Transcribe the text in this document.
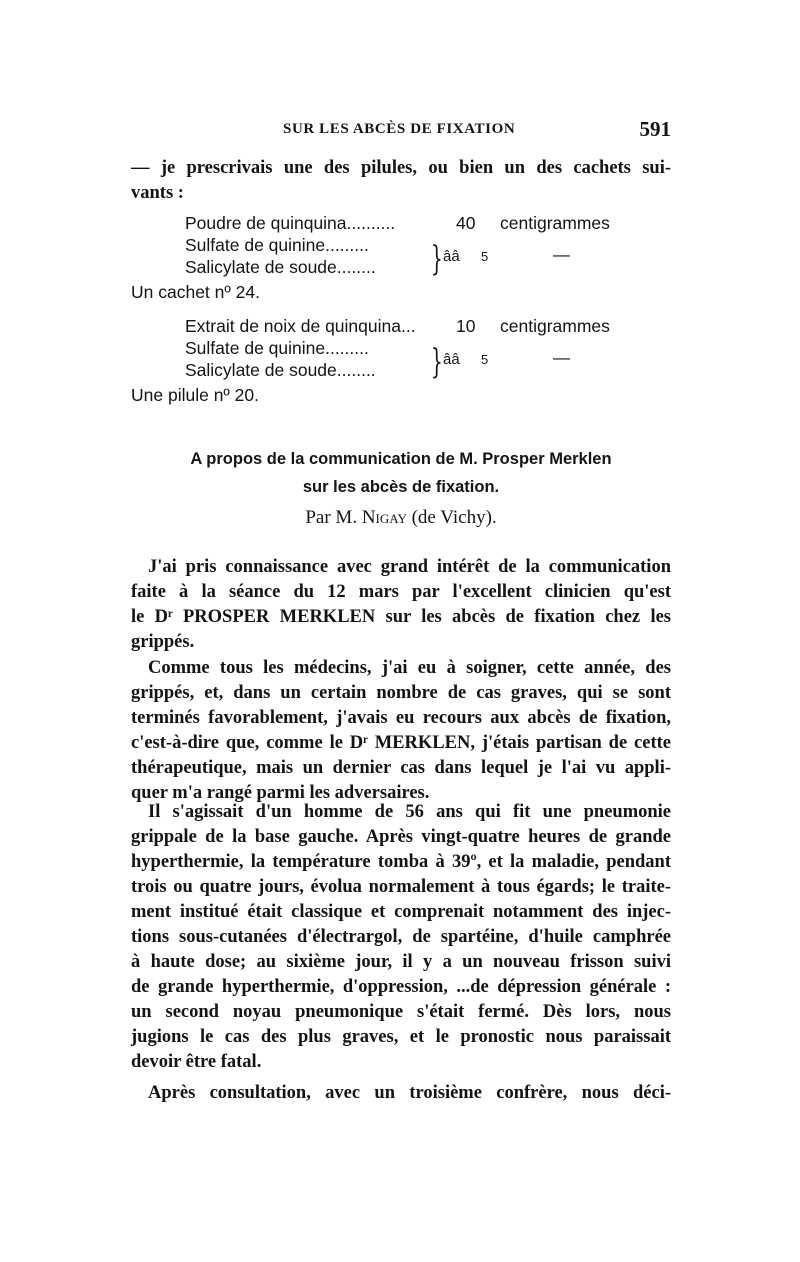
SUR LES ABCÈS DE FIXATION	591
— je prescrivais une des pilules, ou bien un des cachets sui-
vants :
Poudre de quinquina..........	40 centigrammes
Sulfate de quinine.........
Salicylate de soude........ } ââ 5	—
Un cachet nº 24.
Extrait de noix de quinquina... 10 centigrammes
Sulfate de quinine.........
Salicylate de soude........ } ââ 5	—
Une pilule nº 20.
A propos de la communication de M. Prosper Merklen
sur les abcès de fixation.
Par M. Nigay (de Vichy).
J'ai pris connaissance avec grand intérêt de la communication
faite à la séance du 12 mars par l'excellent clinicien qu'est
le Dʳ PROSPER MERKLEN sur les abcès de fixation chez les
grippés.
Comme tous les médecins, j'ai eu à soigner, cette année, des
grippés, et, dans un certain nombre de cas graves, qui se sont
terminés favorablement, j'avais eu recours aux abcès de fixation,
c'est-à-dire que, comme le Dʳ MERKLEN, j'étais partisan de cette
thérapeutique, mais un dernier cas dans lequel je l'ai vu appli-
quer m'a rangé parmi les adversaires.
Il s'agissait d'un homme de 56 ans qui fit une pneumonie
grippale de la base gauche. Après vingt-quatre heures de grande
hyperthermie, la température tomba à 39º, et la maladie, pendant
trois ou quatre jours, évolua normalement à tous égards; le traite-
ment institué était classique et comprenait notamment des injec-
tions sous-cutanées d'électrargol, de spartéine, d'huile camphrée
à haute dose; au sixième jour, il y a un nouveau frisson suivi
de grande hyperthermie, d'oppression, ...de dépression générale :
un second noyau pneumonique s'était fermé. Dès lors, nous
jugions le cas des plus graves, et le pronostic nous paraissait
devoir être fatal.
Après consultation, avec un troisième confrère, nous déci-
